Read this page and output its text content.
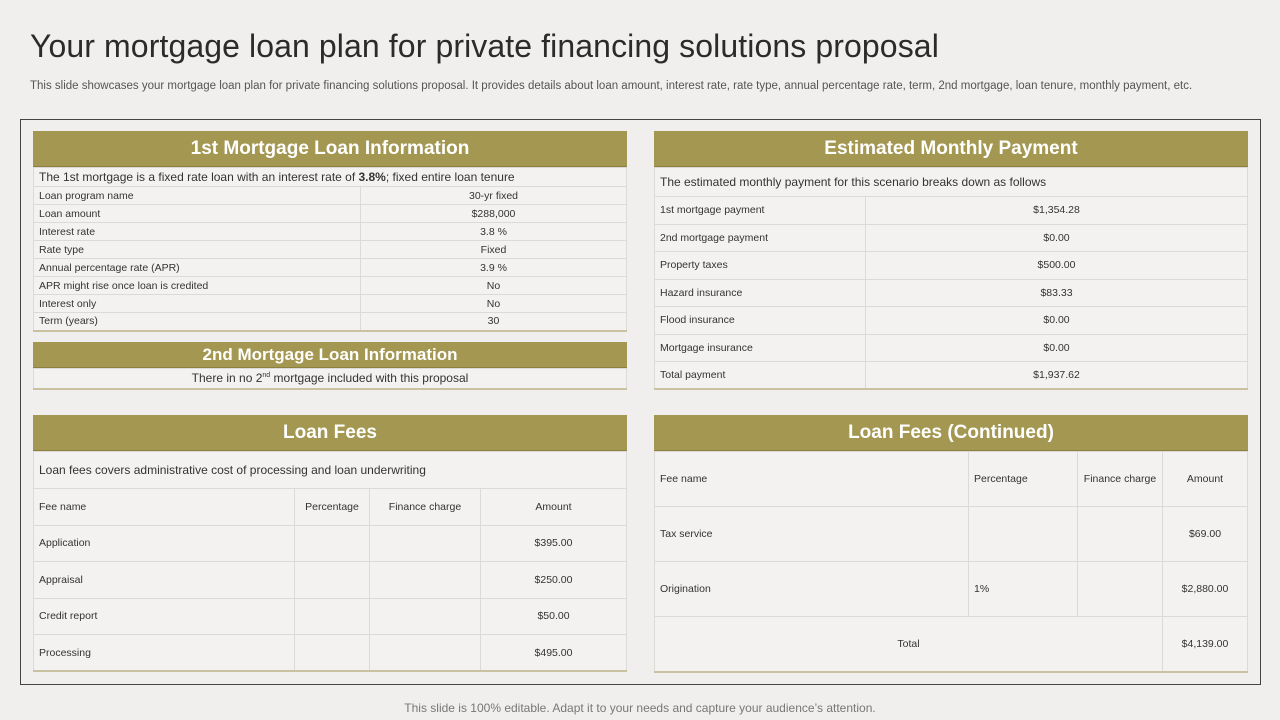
Your mortgage loan plan for private financing solutions proposal
This slide showcases your mortgage loan plan for private financing solutions proposal. It provides details about loan amount, interest rate, rate type, annual percentage rate, term, 2nd mortgage, loan tenure, monthly payment, etc.
1st Mortgage Loan Information
The 1st mortgage is a fixed rate loan with an interest rate of 3.8%; fixed entire loan tenure	
Loan program name	30-yr fixed
Loan amount	$288,000
Interest rate	3.8 %
Rate type	Fixed
Annual percentage rate (APR)	3.9 %
APR might rise once loan is credited	No
Interest only	No
Term (years)	30
2nd Mortgage Loan Information
There in no 2nd mortgage included with this proposal
Estimated Monthly Payment
The estimated monthly payment for this scenario breaks down as follows	
1st mortgage payment	$1,354.28
2nd mortgage payment	$0.00
Property taxes	$500.00
Hazard insurance	$83.33
Flood insurance	$0.00
Mortgage insurance	$0.00
Total payment	$1,937.62
Loan Fees
Loan fees covers administrative cost of processing and loan underwriting			
Fee name	Percentage	Finance charge	Amount
Application			$395.00
Appraisal			$250.00
Credit report			$50.00
Processing			$495.00
Loan Fees (Continued)
Fee name	Percentage	Finance charge	Amount
Tax service			$69.00
Origination	1%		$2,880.00
Total			$4,139.00
This slide is 100% editable. Adapt it to your needs and capture your audience’s attention.
